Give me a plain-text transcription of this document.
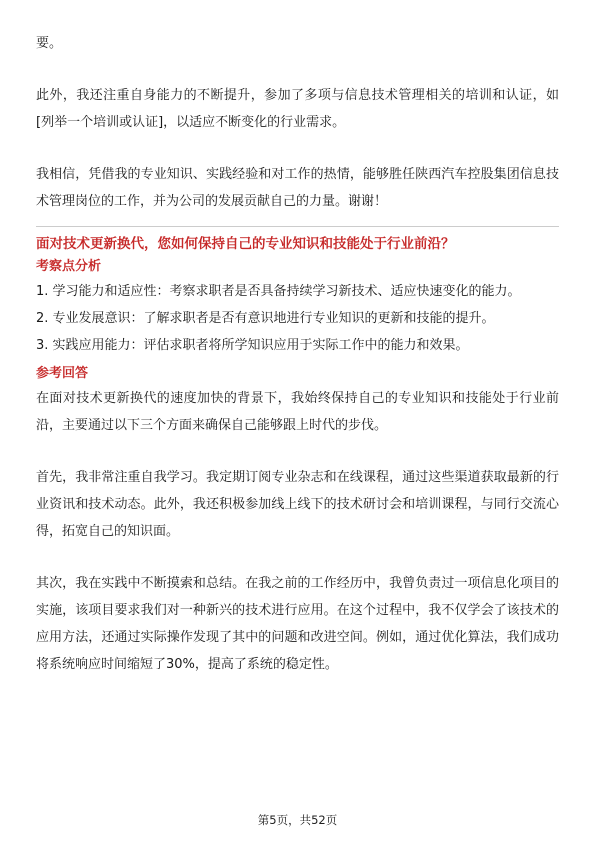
要。

此外，我还注重自身能力的不断提升，参加了多项与信息技术管理相关的培训和认证，如[列举一个培训或认证]，以适应不断变化的行业需求。

我相信，凭借我的专业知识、实践经验和对工作的热情，能够胜任陕西汽车控股集团信息技术管理岗位的工作，并为公司的发展贡献自己的力量。谢谢！

面对技术更新换代，您如何保持自己的专业知识和技能处于行业前沿？

考察点分析

1. 学习能力和适应性：考察求职者是否具备持续学习新技术、适应快速变化的能力。
2. 专业发展意识：了解求职者是否有意识地进行专业知识的更新和技能的提升。
3. 实践应用能力：评估求职者将所学知识应用于实际工作中的能力和效果。

参考回答

在面对技术更新换代的速度加快的背景下，我始终保持自己的专业知识和技能处于行业前沿，主要通过以下三个方面来确保自己能够跟上时代的步伐。

首先，我非常注重自我学习。我定期订阅专业杂志和在线课程，通过这些渠道获取最新的行业资讯和技术动态。此外，我还积极参加线上线下的技术研讨会和培训课程，与同行交流心得，拓宽自己的知识面。

其次，我在实践中不断摸索和总结。在我之前的工作经历中，我曾负责过一项信息化项目的实施，该项目要求我们对一种新兴的技术进行应用。在这个过程中，我不仅学会了该技术的应用方法，还通过实际操作发现了其中的问题和改进空间。例如，通过优化算法，我们成功将系统响应时间缩短了30%，提高了系统的稳定性。

第5页，共52页
